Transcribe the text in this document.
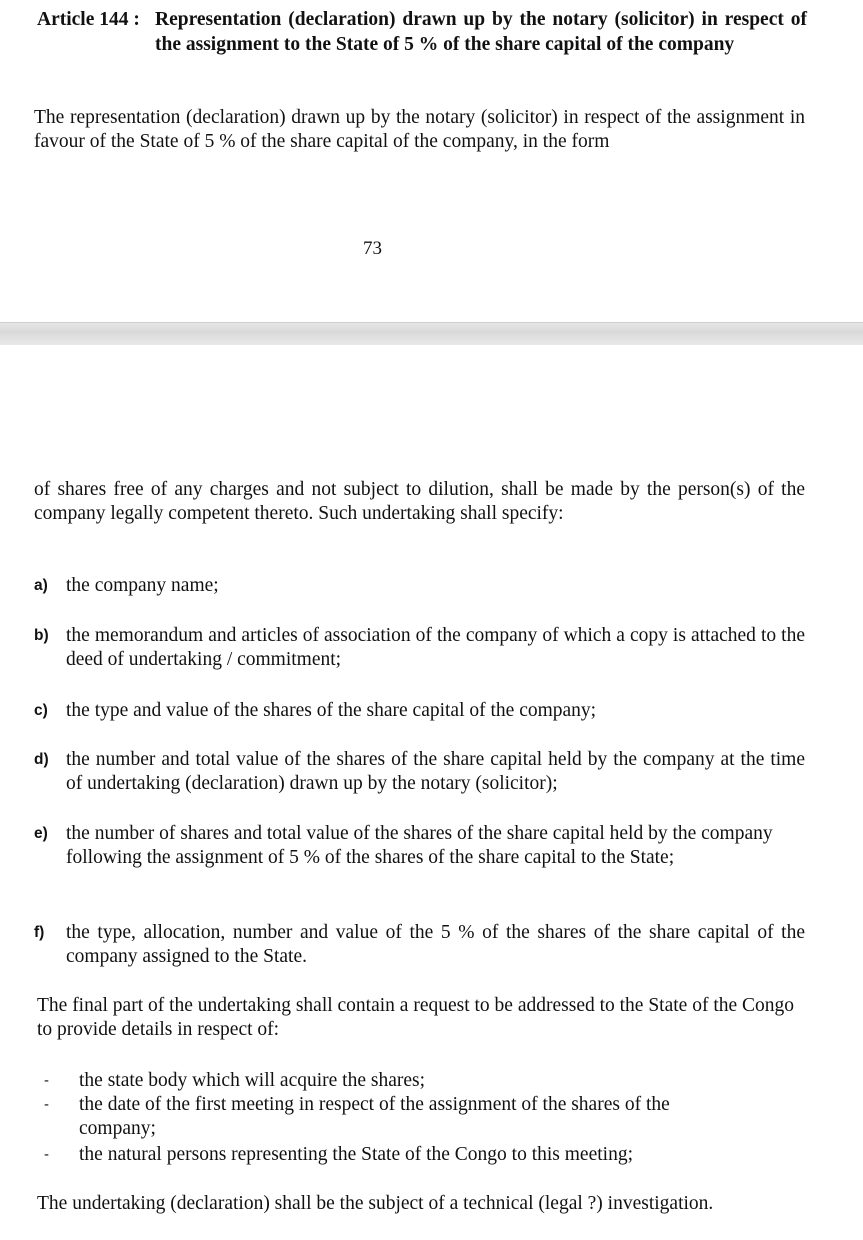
Article 144 : Representation (declaration) drawn up by the notary (solicitor) in respect of the assignment to the State of 5 % of the share capital of the company
The representation (declaration) drawn up by the notary (solicitor) in respect of the assignment in favour of the State of 5 % of the share capital of the company, in the form
73
of shares free of any charges and not subject to dilution, shall be made by the person(s) of the company legally competent thereto. Such undertaking shall specify:
a) the company name;
b) the memorandum and articles of association of the company of which a copy is attached to the deed of undertaking / commitment;
c) the type and value of the shares of the share capital of the company;
d) the number and total value of the shares of the share capital held by the company at the time of undertaking (declaration) drawn up by the notary (solicitor);
e) the number of shares and total value of the shares of the share capital held by the company following the assignment of 5 % of the shares of the share capital to the State;
f) the type, allocation, number and value of the 5 % of the shares of the share capital of the company assigned to the State.
The final part of the undertaking shall contain a request to be addressed to the State of the Congo to provide details in respect of:
- the state body which will acquire the shares;
- the date of the first meeting in respect of the assignment of the shares of the company;
- the natural persons representing the State of the Congo to this meeting;
The undertaking (declaration) shall be the subject of a technical (legal ?) investigation.
